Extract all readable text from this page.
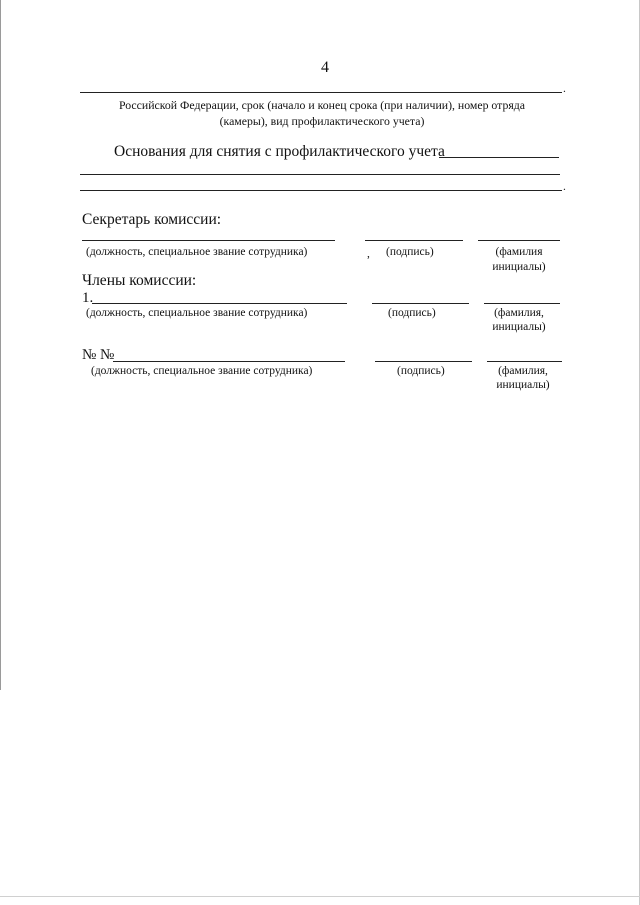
4
.
Российской Федерации, срок (начало и конец срока (при наличии), номер отряда
(камеры), вид профилактического учета)
Основания для снятия с профилактического учета
.
Секретарь комиссии:
(должность, специальное звание сотрудника)	, (подпись)	(фамилия
инициалы)
Члены комиссии:
1.
(должность, специальное звание сотрудника)	(подпись)	(фамилия,
инициалы)
№ №
(должность, специальное звание сотрудника)	(подпись)	(фамилия,
инициалы)
